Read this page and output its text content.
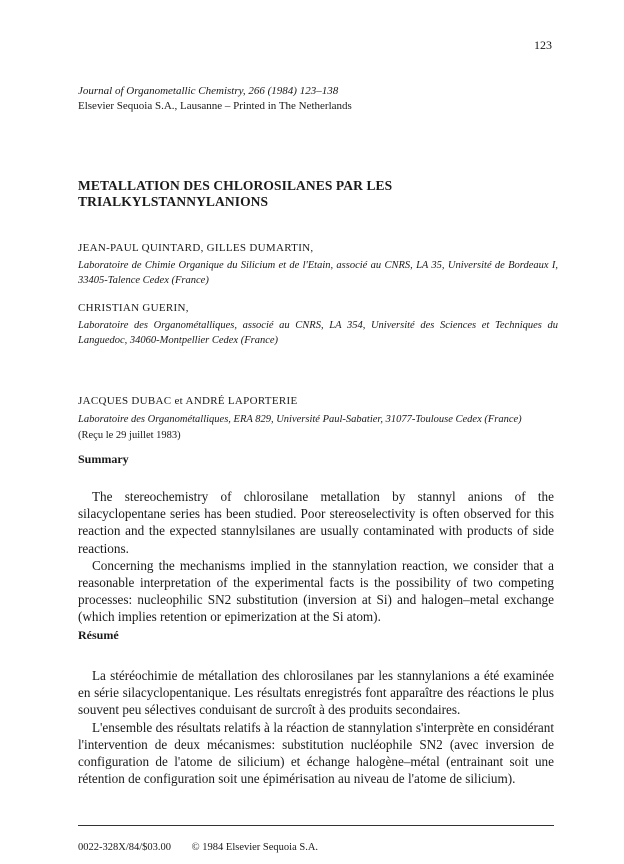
123
Journal of Organometallic Chemistry, 266 (1984) 123–138
Elsevier Sequoia S.A., Lausanne – Printed in The Netherlands
METALLATION DES CHLOROSILANES PAR LES TRIALKYLSTANNYLANIONS
JEAN-PAUL QUINTARD, GILLES DUMARTIN,
Laboratoire de Chimie Organique du Silicium et de l'Etain, associé au CNRS, LA 35, Université de Bordeaux I, 33405-Talence Cedex (France)
CHRISTIAN GUERIN,
Laboratoire des Organométalliques, associé au CNRS, LA 354, Université des Sciences et Techniques du Languedoc, 34060-Montpellier Cedex (France)
JACQUES DUBAC et ANDRÉ LAPORTERIE
Laboratoire des Organométalliques, ERA 829, Université Paul-Sabatier, 31077-Toulouse Cedex (France)
(Reçu le 29 juillet 1983)
Summary

The stereochemistry of chlorosilane metallation by stannyl anions of the silacyclopentane series has been studied. Poor stereoselectivity is often observed for this reaction and the expected stannylsilanes are usually contaminated with products of side reactions.

Concerning the mechanisms implied in the stannylation reaction, we consider that a reasonable interpretation of the experimental facts is the possibility of two competing processes: nucleophilic SN2 substitution (inversion at Si) and halogen–metal exchange (which implies retention or epimerization at the Si atom).

Résumé

La stéréochimie de métallation des chlorosilanes par les stannylanions a été examinée en série silacyclopentanique. Les résultats enregistrés font apparaître des réactions le plus souvent peu sélectives conduisant de surcroît à des produits secondaires.

L'ensemble des résultats relatifs à la réaction de stannylation s'interprète en considérant l'intervention de deux mécanismes: substitution nucléophile SN2 (avec inversion de configuration de l'atome de silicium) et échange halogène–métal (entrainant soit une rétention de configuration soit une épimérisation au niveau de l'atome de silicium).

0022-328X/84/$03.00 © 1984 Elsevier Sequoia S.A.
